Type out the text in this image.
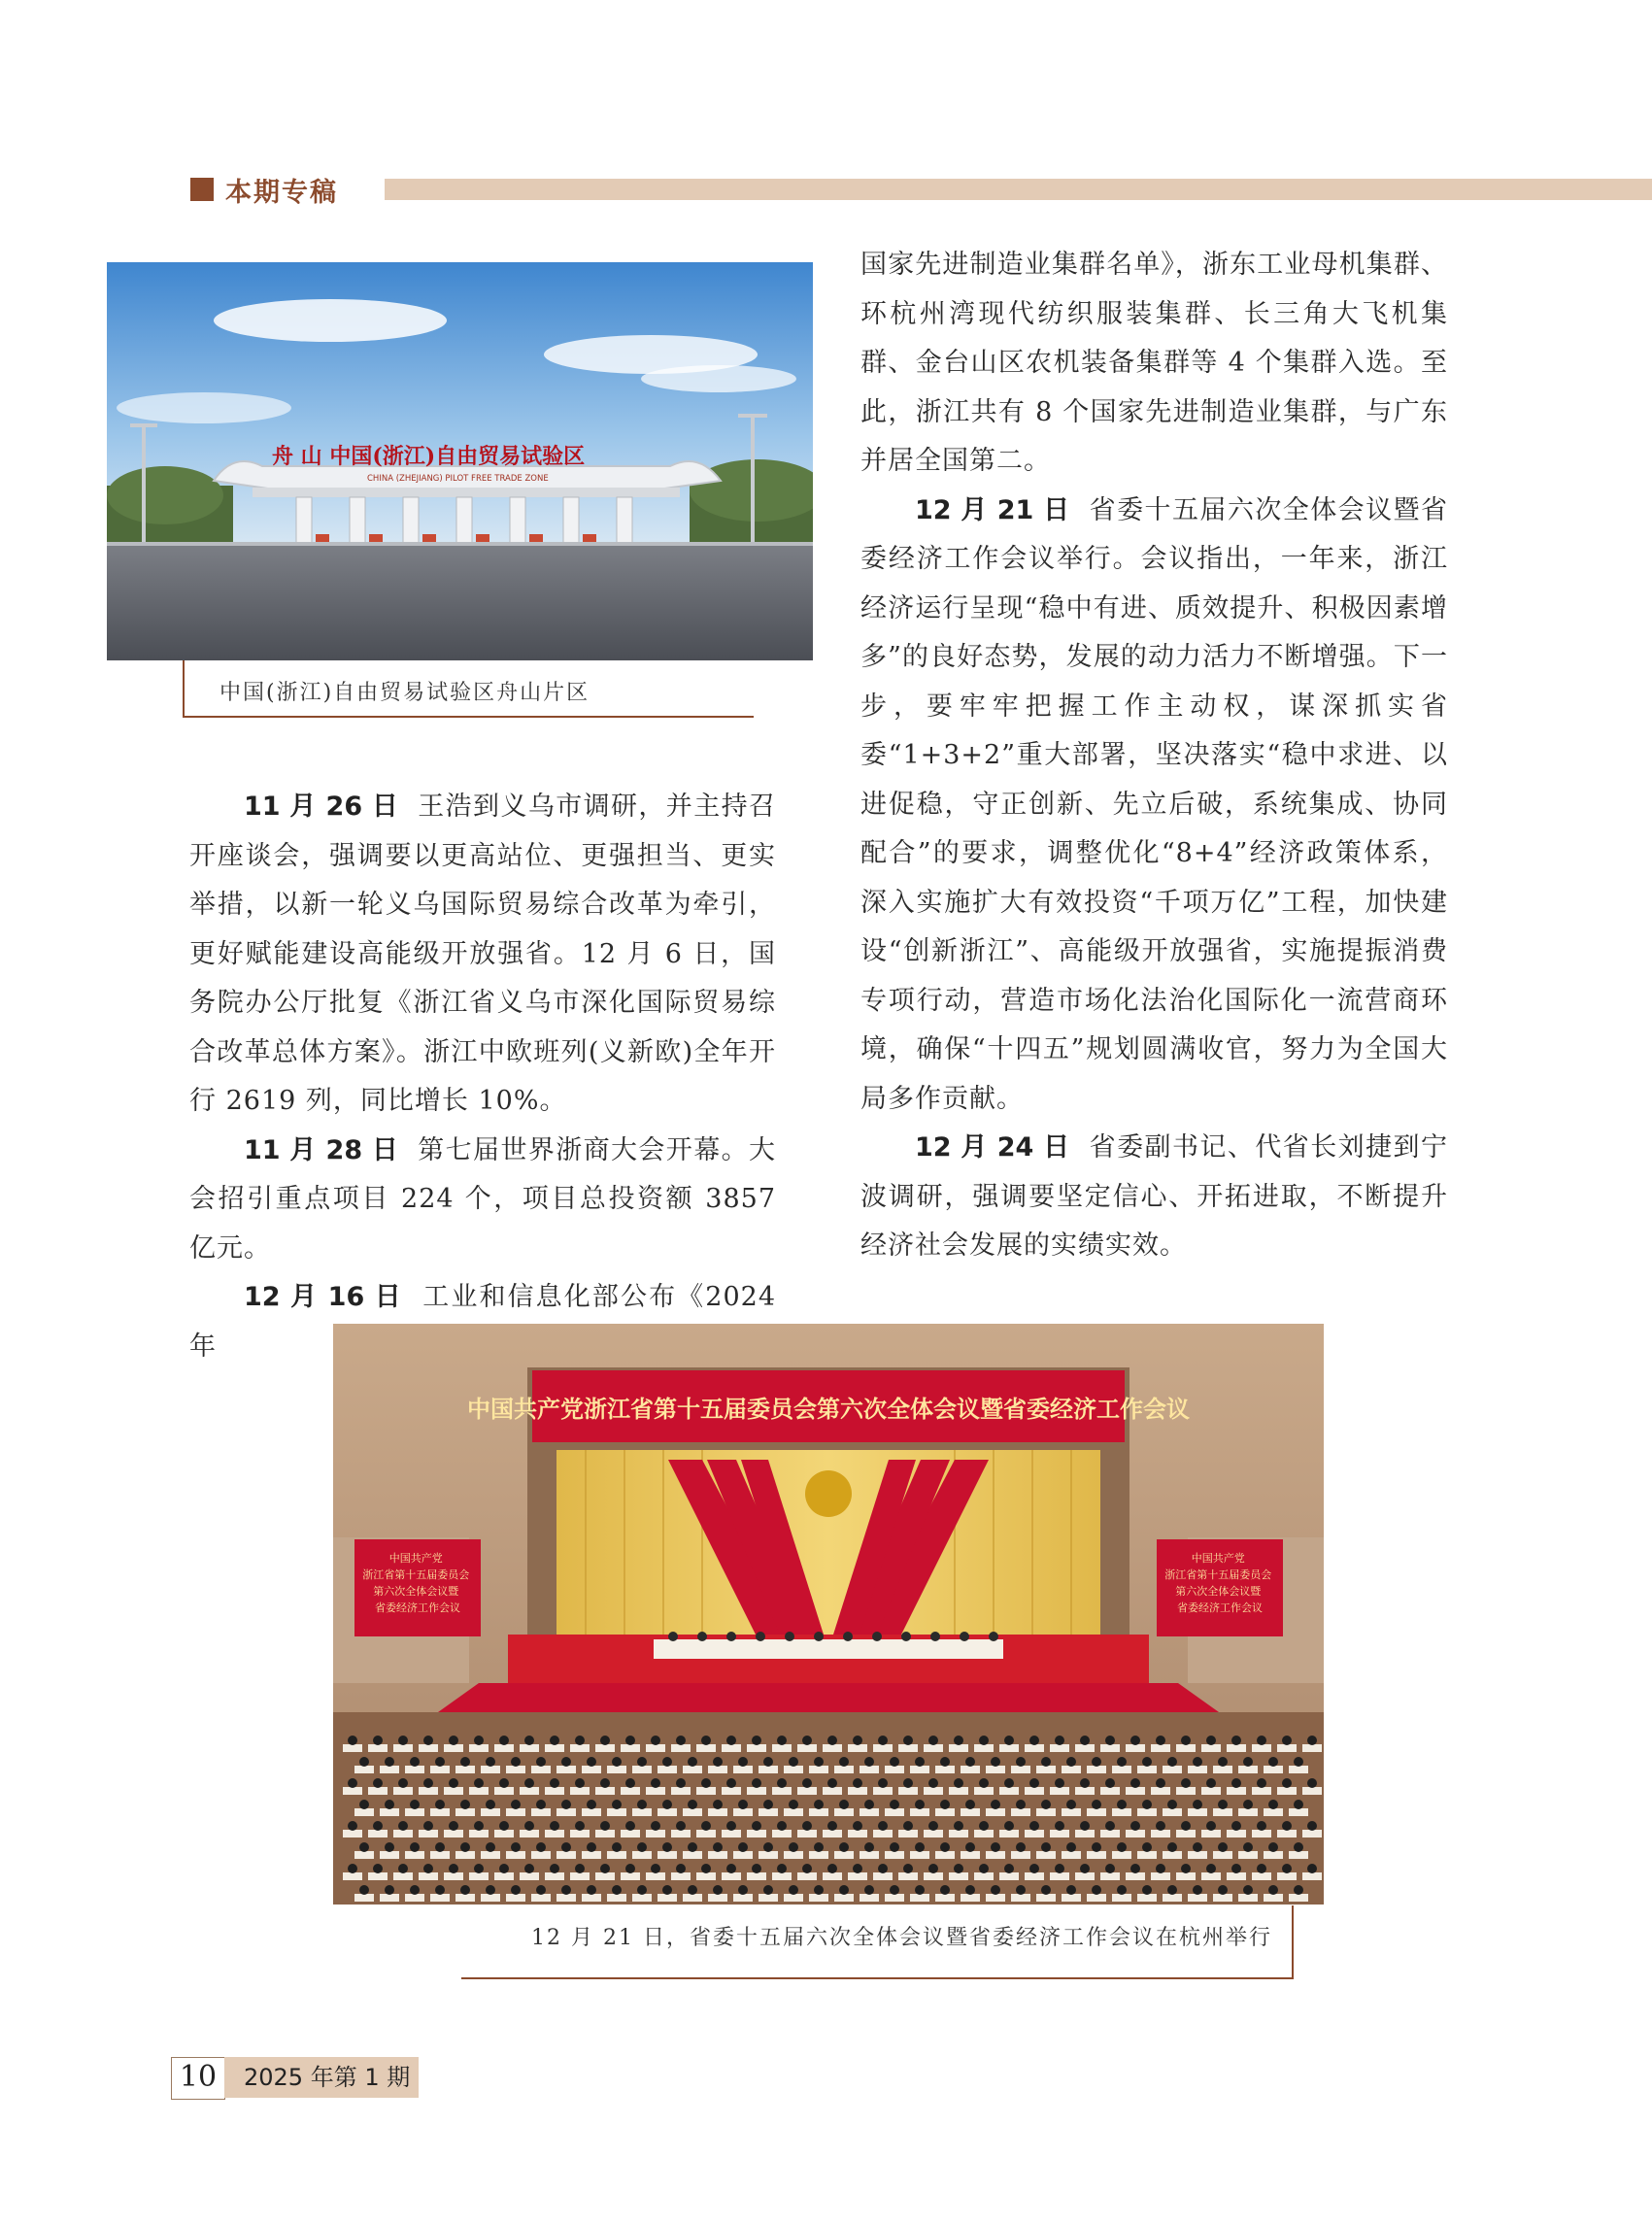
本期专稿
舟 山 中国(浙江)自由贸易试验区
CHINA (ZHEJIANG) PILOT FREE TRADE ZONE
中国(浙江)自由贸易试验区舟山片区

11 月 26 日 王浩到义乌市调研，并主持召开座谈会，强调要以更高站位、更强担当、更实举措，以新一轮义乌国际贸易综合改革为牵引，更好赋能建设高能级开放强省。12 月 6 日，国务院办公厅批复《浙江省义乌市深化国际贸易综合改革总体方案》。浙江中欧班列(义新欧)全年开行 2619 列，同比增长 10%。

11 月 28 日 第七届世界浙商大会开幕。大会招引重点项目 224 个，项目总投资额 3857 亿元。

12 月 16 日 工业和信息化部公布《2024 年

国家先进制造业集群名单》，浙东工业母机集群、环杭州湾现代纺织服装集群、长三角大飞机集群、金台山区农机装备集群等 4 个集群入选。至此，浙江共有 8 个国家先进制造业集群，与广东并居全国第二。

12 月 21 日 省委十五届六次全体会议暨省委经济工作会议举行。会议指出，一年来，浙江经济运行呈现“稳中有进、质效提升、积极因素增多”的良好态势，发展的动力活力不断增强。下一步，要牢牢把握工作主动权，谋深抓实省委“1+3+2”重大部署，坚决落实“稳中求进、以进促稳，守正创新、先立后破，系统集成、协同配合”的要求，调整优化“8+4”经济政策体系，深入实施扩大有效投资“千项万亿”工程，加快建设“创新浙江”、高能级开放强省，实施提振消费专项行动，营造市场化法治化国际化一流营商环境，确保“十四五”规划圆满收官，努力为全国大局多作贡献。

12 月 24 日 省委副书记、代省长刘捷到宁波调研，强调要坚定信心、开拓进取，不断提升经济社会发展的实绩实效。

中国共产党浙江省第十五届委员会第六次全体会议暨省委经济工作会议
中国共产党 浙江省第十五届委员会 第六次全体会议暨 省委经济工作会议
中国共产党 浙江省第十五届委员会 第六次全体会议暨 省委经济工作会议
12 月 21 日，省委十五届六次全体会议暨省委经济工作会议在杭州举行
10	2025 年第 1 期
